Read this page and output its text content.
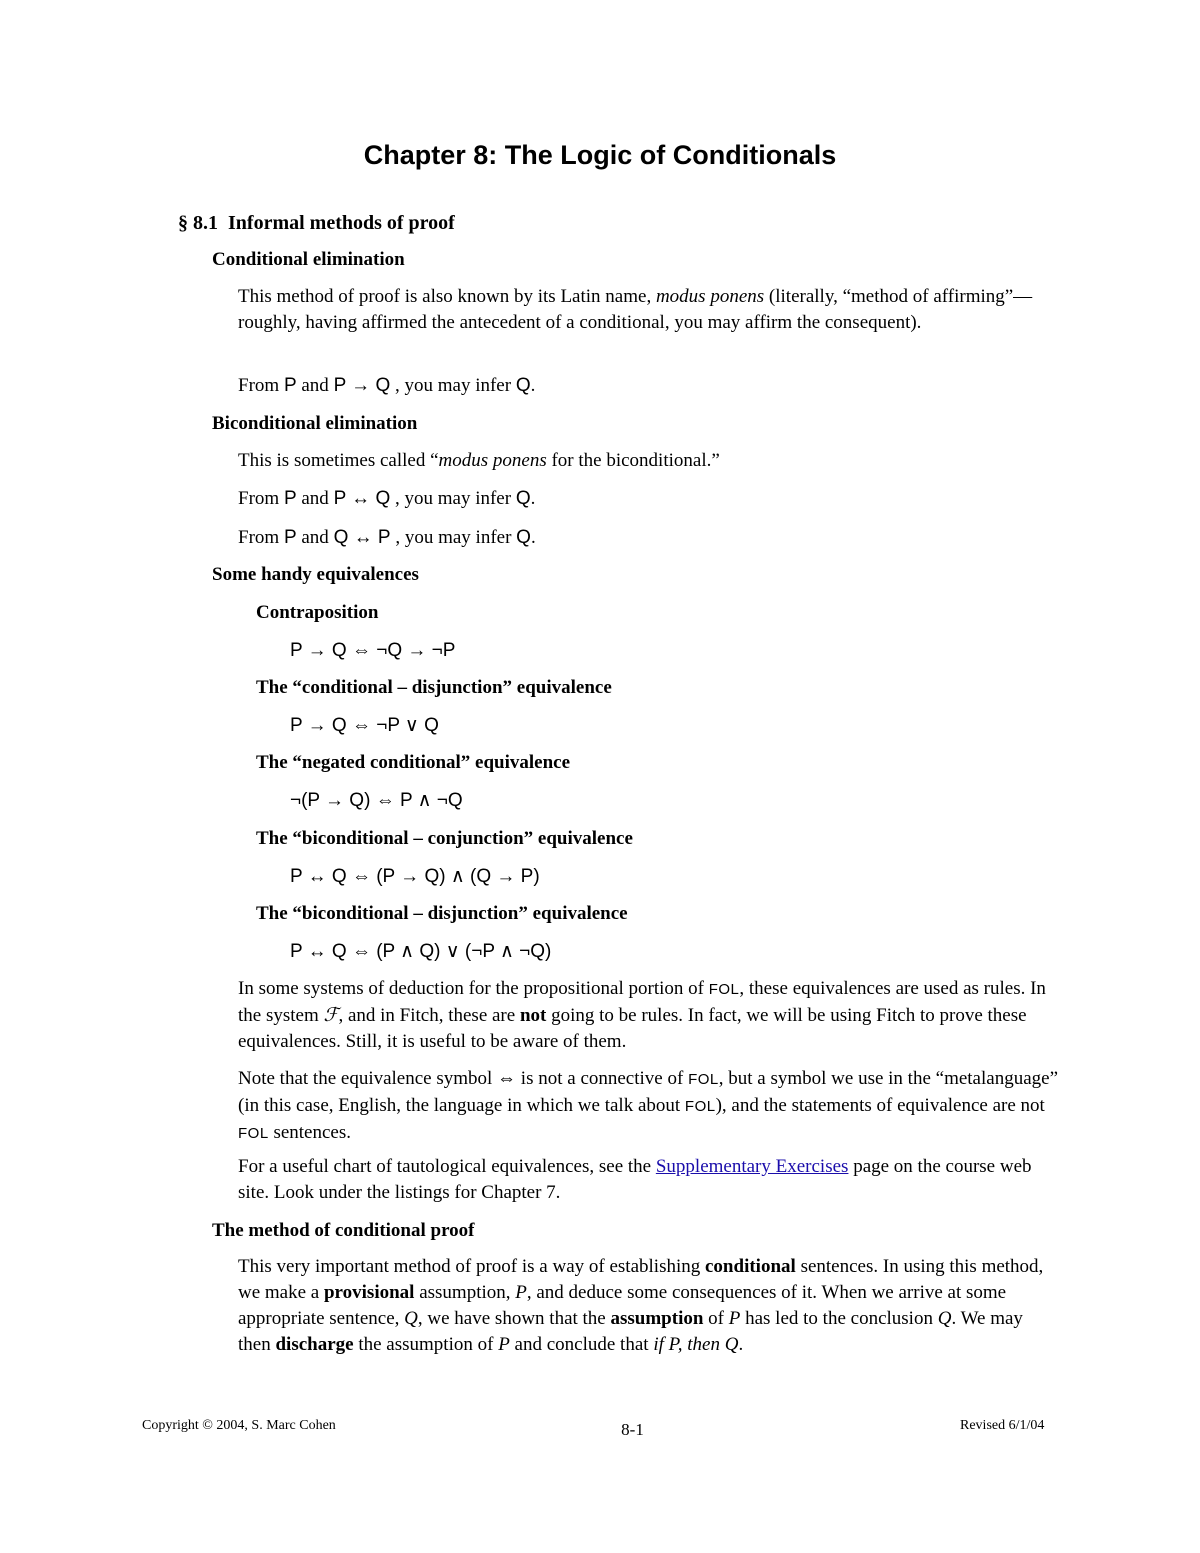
Chapter 8: The Logic of Conditionals
§ 8.1 Informal methods of proof
Conditional elimination
This method of proof is also known by its Latin name, modus ponens (literally, “method of affirming”—roughly, having affirmed the antecedent of a conditional, you may affirm the consequent).
From P and P → Q , you may infer Q.
Biconditional elimination
This is sometimes called “modus ponens for the biconditional.”
From P and P ↔ Q , you may infer Q.
From P and Q ↔ P , you may infer Q.
Some handy equivalences
Contraposition
P → Q ⇔ ¬Q → ¬P
The “conditional – disjunction” equivalence
P → Q ⇔ ¬P ∨ Q
The “negated conditional” equivalence
¬(P → Q) ⇔ P ∧ ¬Q
The “biconditional – conjunction” equivalence
P ↔ Q ⇔ (P → Q) ∧ (Q → P)
The “biconditional – disjunction” equivalence
P ↔ Q ⇔ (P ∧ Q) ∨ (¬P ∧ ¬Q)
In some systems of deduction for the propositional portion of FOL, these equivalences are used as rules. In the system ℱ, and in Fitch, these are not going to be rules. In fact, we will be using Fitch to prove these equivalences. Still, it is useful to be aware of them.
Note that the equivalence symbol ⇔ is not a connective of FOL, but a symbol we use in the “metalanguage” (in this case, English, the language in which we talk about FOL), and the statements of equivalence are not FOL sentences.
For a useful chart of tautological equivalences, see the Supplementary Exercises page on the course web site. Look under the listings for Chapter 7.
The method of conditional proof
This very important method of proof is a way of establishing conditional sentences. In using this method, we make a provisional assumption, P, and deduce some consequences of it. When we arrive at some appropriate sentence, Q, we have shown that the assumption of P has led to the conclusion Q. We may then discharge the assumption of P and conclude that if P, then Q.
Copyright © 2004, S. Marc Cohen	8-1	Revised 6/1/04
